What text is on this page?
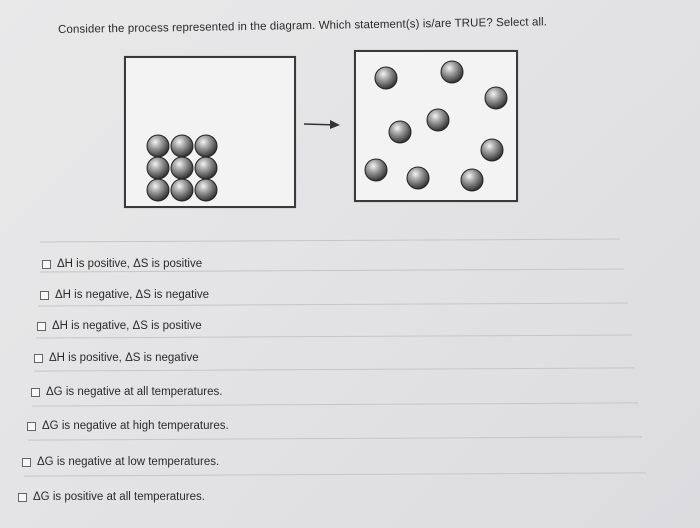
Consider the process represented in the diagram. Which statement(s) is/are TRUE? Select all.
ΔH is positive, ΔS is positive
ΔH is negative, ΔS is negative
ΔH is negative, ΔS is positive
ΔH is positive, ΔS is negative
ΔG is negative at all temperatures.
ΔG is negative at high temperatures.
ΔG is negative at low temperatures.
ΔG is positive at all temperatures.
